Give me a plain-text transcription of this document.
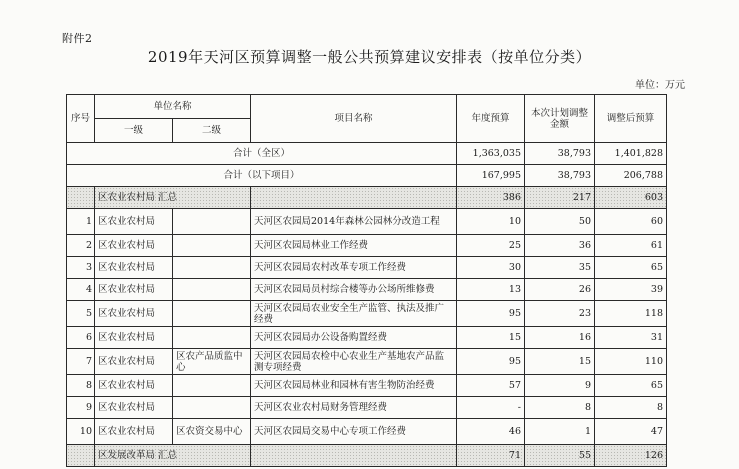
附件2
2019年天河区预算调整一般公共预算建议安排表（按单位分类）
单位：万元
序号	单位名称		项目名称	年度预算	本次计划调整金额	调整后预算
	一级	二级				
合计（全区）				1,363,035	38,793	1,401,828
合计（以下项目）				167,995	38,793	206,788
	区农业农村局 汇总			386	217	603
1	区农业农村局		天河区农园局2014年森林公园林分改造工程	10	50	60
2	区农业农村局		天河区农园局林业工作经费	25	36	61
3	区农业农村局		天河区农园局农村改革专项工作经费	30	35	65
4	区农业农村局		天河区农园局员村综合楼等办公场所维修费	13	26	39
5	区农业农村局		天河区农园局农业安全生产监管、执法及推广经费	95	23	118
6	区农业农村局		天河区农园局办公设备购置经费	15	16	31
7	区农业农村局	区农产品质监中心	天河区农园局农检中心农业生产基地农产品监测专项经费	95	15	110
8	区农业农村局		天河区农园局林业和园林有害生物防治经费	57	9	65
9	区农业农村局		天河区农业农村局财务管理经费	-	8	8
10	区农业农村局	区农资交易中心	天河区农园局交易中心专项工作经费	46	1	47
	区发展改革局 汇总			71	55	126
